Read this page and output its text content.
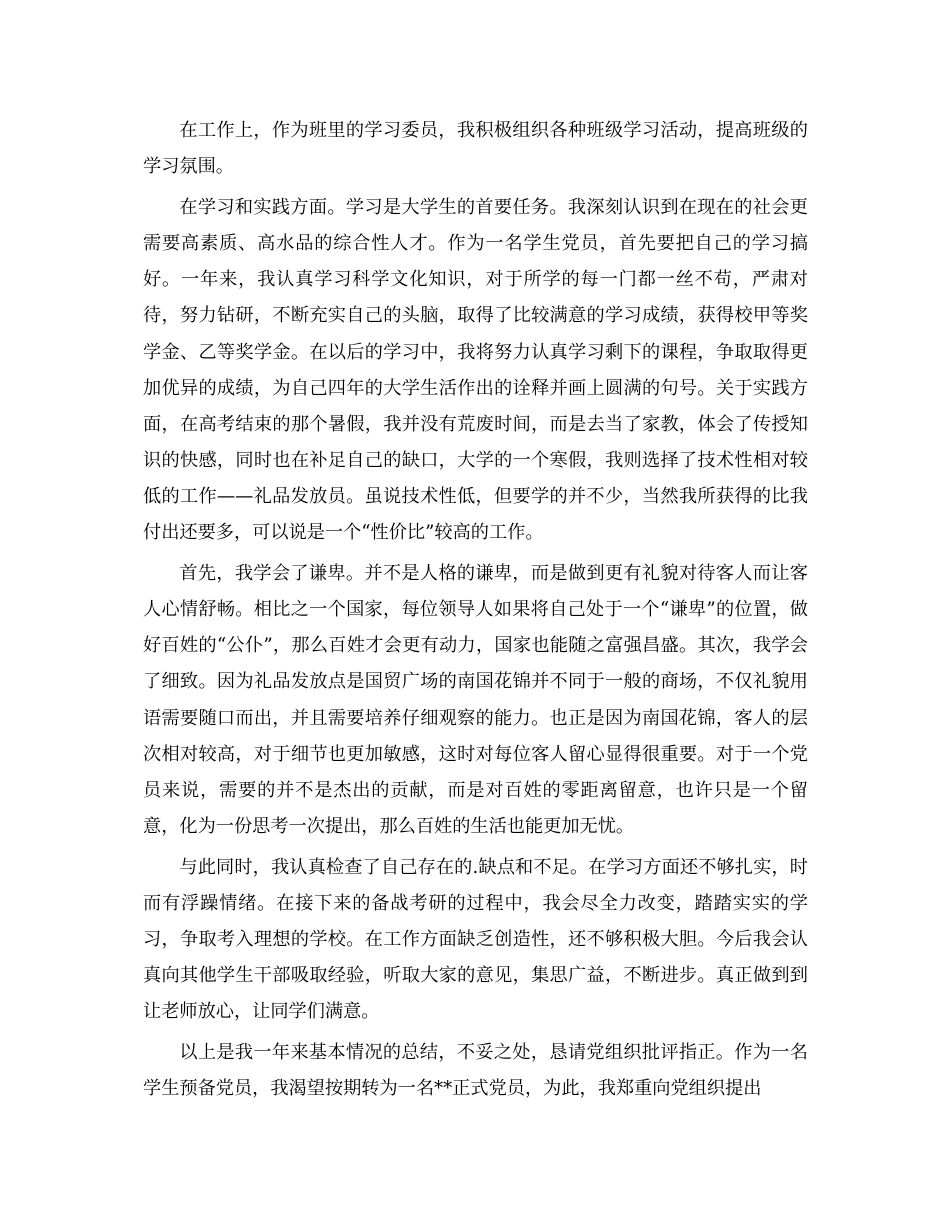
在工作上，作为班里的学习委员，我积极组织各种班级学习活动，提高班级的学习氛围。

在学习和实践方面。学习是大学生的首要任务。我深刻认识到在现在的社会更需要高素质、高水品的综合性人才。作为一名学生党员，首先要把自己的学习搞好。一年来，我认真学习科学文化知识，对于所学的每一门都一丝不苟，严肃对待，努力钻研，不断充实自己的头脑，取得了比较满意的学习成绩，获得校甲等奖学金、乙等奖学金。在以后的学习中，我将努力认真学习剩下的课程，争取取得更加优异的成绩，为自己四年的大学生活作出的诠释并画上圆满的句号。关于实践方面，在高考结束的那个暑假，我并没有荒废时间，而是去当了家教，体会了传授知识的快感，同时也在补足自己的缺口，大学的一个寒假，我则选择了技术性相对较低的工作——礼品发放员。虽说技术性低，但要学的并不少，当然我所获得的比我付出还要多，可以说是一个“性价比”较高的工作。

首先，我学会了谦卑。并不是人格的谦卑，而是做到更有礼貌对待客人而让客人心情舒畅。相比之一个国家，每位领导人如果将自己处于一个“谦卑”的位置，做好百姓的“公仆”，那么百姓才会更有动力，国家也能随之富强昌盛。其次，我学会了细致。因为礼品发放点是国贸广场的南国花锦并不同于一般的商场，不仅礼貌用语需要随口而出，并且需要培养仔细观察的能力。也正是因为南国花锦，客人的层次相对较高，对于细节也更加敏感，这时对每位客人留心显得很重要。对于一个党员来说，需要的并不是杰出的贡献，而是对百姓的零距离留意，也许只是一个留意，化为一份思考一次提出，那么百姓的生活也能更加无忧。

与此同时，我认真检查了自己存在的.缺点和不足。在学习方面还不够扎实，时而有浮躁情绪。在接下来的备战考研的过程中，我会尽全力改变，踏踏实实的学习，争取考入理想的学校。在工作方面缺乏创造性，还不够积极大胆。今后我会认真向其他学生干部吸取经验，听取大家的意见，集思广益，不断进步。真正做到到让老师放心，让同学们满意。

以上是我一年来基本情况的总结，不妥之处，恳请党组织批评指正。作为一名学生预备党员，我渴望按期转为一名**正式党员，为此，我郑重向党组织提出
